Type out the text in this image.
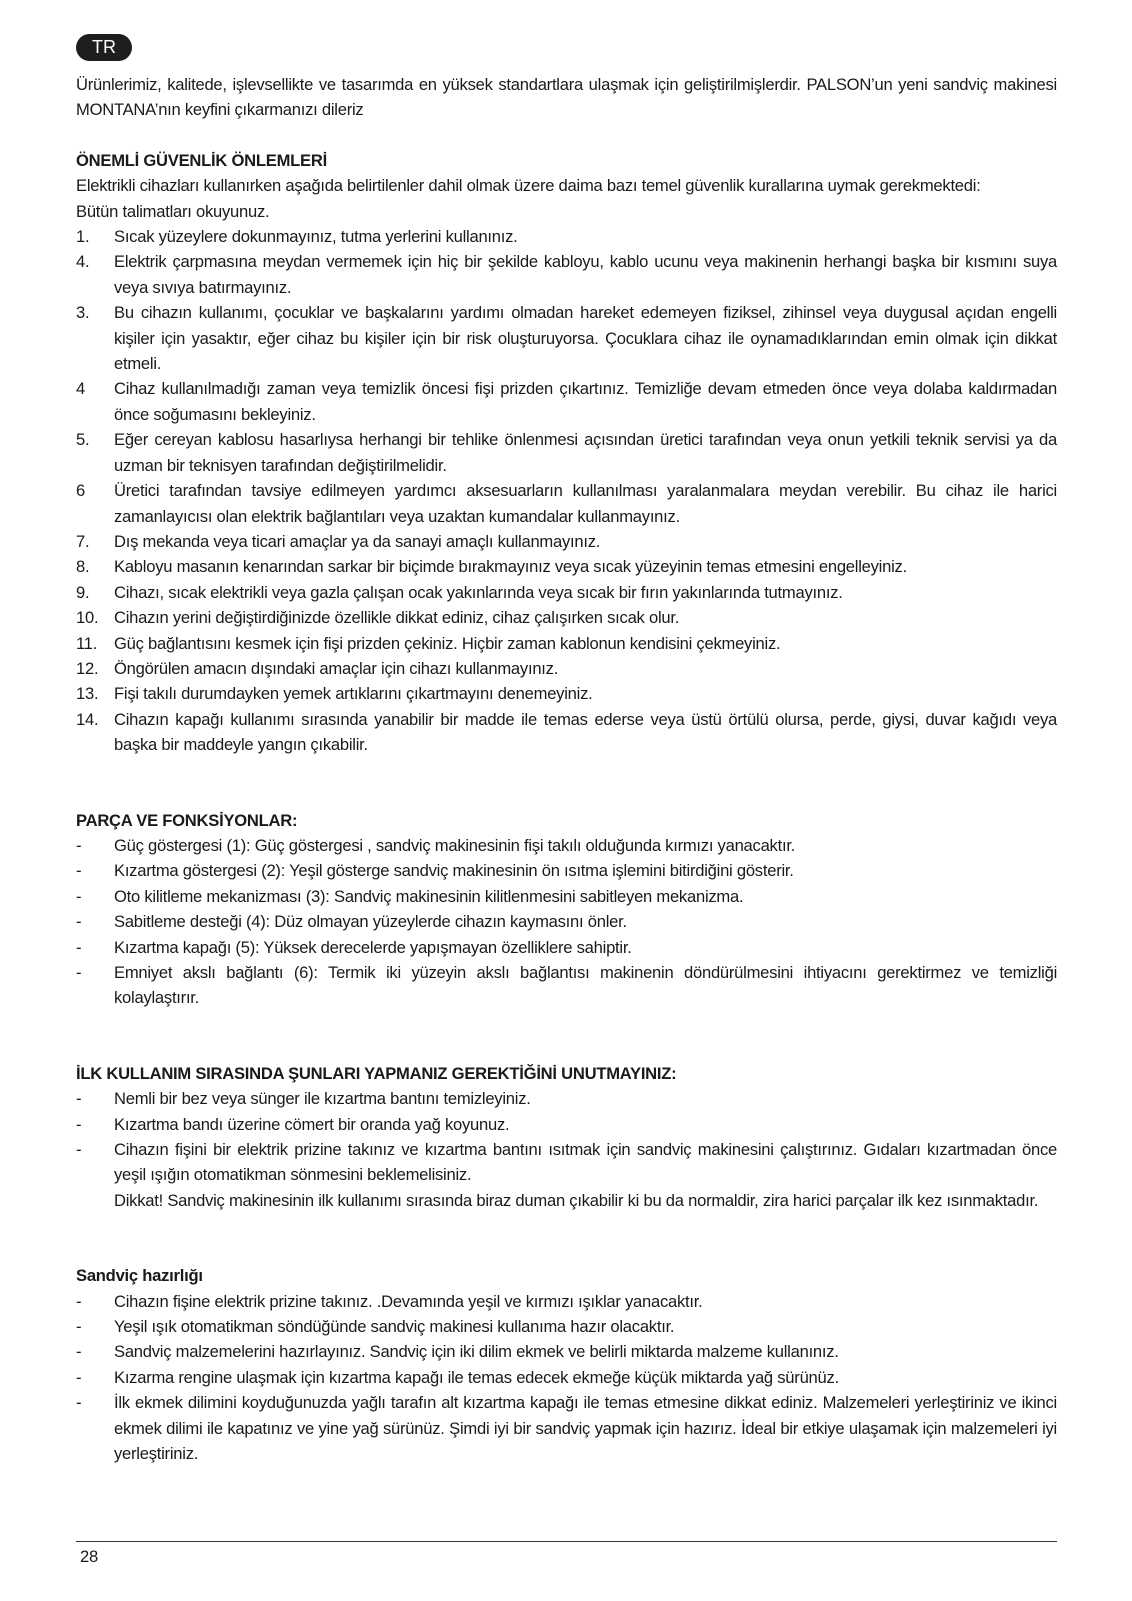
TR

Ürünlerimiz, kalitede, işlevsellikte ve tasarımda en yüksek standartlara ulaşmak için geliştirilmişlerdir. PALSON’un yeni sandviç makinesi MONTANA’nın keyfini çıkarmanızı dileriz

ÖNEMLİ GÜVENLİK ÖNLEMLERİ

Elektrikli cihazları kullanırken aşağıda belirtilenler dahil olmak üzere daima bazı temel güvenlik kurallarına uymak gerekmektedi:

Bütün talimatları okuyunuz.

1.	Sıcak yüzeylere dokunmayınız, tutma yerlerini kullanınız.
4.	Elektrik çarpmasına meydan vermemek için hiç bir şekilde kabloyu, kablo ucunu veya makinenin herhangi başka bir kısmını suya veya sıvıya batırmayınız.
3.	Bu cihazın kullanımı, çocuklar ve başkalarını yardımı olmadan hareket edemeyen fiziksel, zihinsel veya duygusal açıdan engelli kişiler için yasaktır, eğer cihaz bu kişiler için bir risk oluşturuyorsa. Çocuklara cihaz ile oynamadıklarından emin olmak için dikkat etmeli.
4	Cihaz kullanılmadığı zaman veya temizlik öncesi fişi prizden çıkartınız. Temizliğe devam etmeden önce veya dolaba kaldırmadan önce soğumasını bekleyiniz.
5.	Eğer cereyan kablosu hasarlıysa herhangi bir tehlike önlenmesi açısından üretici tarafından veya onun yetkili teknik servisi ya da uzman bir teknisyen tarafından değiştirilmelidir.
6	Üretici tarafından tavsiye edilmeyen yardımcı aksesuarların kullanılması yaralanmalara meydan verebilir. Bu cihaz ile harici zamanlayıcısı olan elektrik bağlantıları veya uzaktan kumandalar kullanmayınız.
7.	Dış mekanda veya ticari amaçlar ya da sanayi amaçlı kullanmayınız.
8.	Kabloyu masanın kenarından sarkar bir biçimde bırakmayınız veya sıcak yüzeyinin temas etmesini engelleyiniz.
9.	Cihazı, sıcak elektrikli veya gazla çalışan ocak yakınlarında veya sıcak bir fırın yakınlarında tutmayınız.
10. Cihazın yerini değiştirdiğinizde özellikle dikkat ediniz, cihaz çalışırken sıcak olur.
11.	Güç bağlantısını kesmek için fişi prizden çekiniz. Hiçbir zaman kablonun kendisini çekmeyiniz.
12. Öngörülen amacın dışındaki amaçlar için cihazı kullanmayınız.
13. Fişi takılı durumdayken yemek artıklarını çıkartmayını denemeyiniz.
14. Cihazın kapağı kullanımı sırasında yanabilir bir madde ile temas ederse veya üstü örtülü olursa, perde, giysi, duvar kağıdı veya başka bir maddeyle yangın çıkabilir.
PARÇA VE FONKSİYONLAR:
-	Güç göstergesi (1): Güç göstergesi , sandviç makinesinin fişi takılı olduğunda kırmızı yanacaktır.
-	Kızartma göstergesi (2): Yeşil gösterge sandviç makinesinin ön ısıtma işlemini bitirdiğini gösterir.
-	Oto kilitleme mekanizması (3): Sandviç makinesinin kilitlenmesini sabitleyen mekanizma.
-	Sabitleme desteği (4): Düz olmayan yüzeylerde cihazın kaymasını önler.
-	Kızartma kapağı (5): Yüksek derecelerde yapışmayan özelliklere sahiptir.
-	Emniyet akslı bağlantı (6): Termik iki yüzeyin akslı bağlantısı makinenin döndürülmesini ihtiyacını gerektirmez ve temizliği kolaylaştırır.
İLK KULLANIM SIRASINDA ŞUNLARI YAPMANIZ GEREKTİĞİNİ UNUTMAYINIZ:
-	Nemli bir bez veya sünger ile kızartma bantını temizleyiniz.
-	Kızartma bandı üzerine cömert bir oranda yağ koyunuz.
-	Cihazın fişini bir elektrik prizine takınız ve kızartma bantını ısıtmak için sandviç makinesini çalıştırınız. Gıdaları kızartmadan önce yeşil ışığın otomatikman sönmesini beklemelisiniz.

Dikkat! Sandviç makinesinin ilk kullanımı sırasında biraz duman çıkabilir ki bu da normaldir, zira harici parçalar ilk kez ısınmaktadır.

Sandviç hazırlığı
-	Cihazın fişine elektrik prizine takınız. .Devamında yeşil ve kırmızı ışıklar yanacaktır.
-	Yeşil ışık otomatikman söndüğünde sandviç makinesi kullanıma hazır olacaktır.
-	Sandviç malzemelerini hazırlayınız. Sandviç için iki dilim ekmek ve belirli miktarda malzeme kullanınız.
-	Kızarma rengine ulaşmak için kızartma kapağı ile temas edecek ekmeğe küçük miktarda yağ sürünüz.
-	İlk ekmek dilimini koyduğunuzda yağlı tarafın alt kızartma kapağı ile temas etmesine dikkat ediniz. Malzemeleri yerleştiriniz ve ikinci ekmek dilimi ile kapatınız ve yine yağ sürünüz. Şimdi iyi bir sandviç yapmak için hazırız. İdeal bir etkiye ulaşamak için malzemeleri iyi yerleştiriniz.
28
